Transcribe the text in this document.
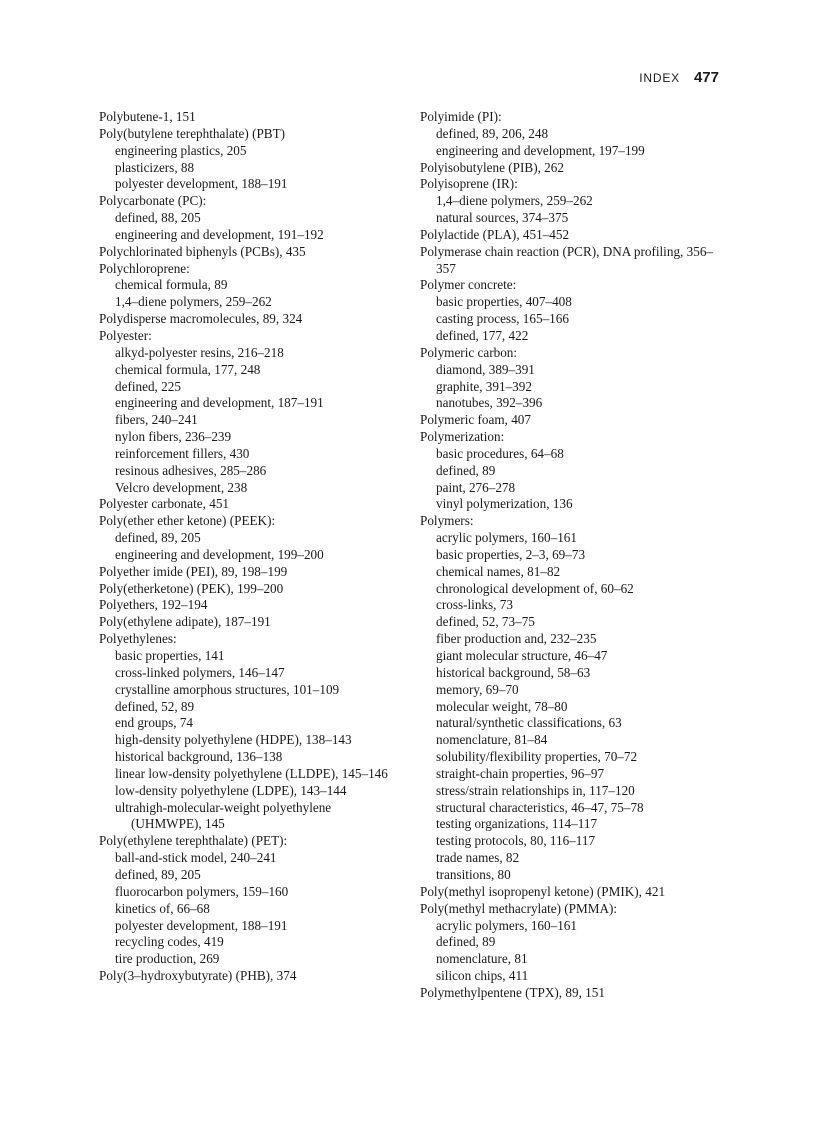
INDEX 477
Polybutene-1, 151
Poly(butylene terephthalate) (PBT)
engineering plastics, 205
plasticizers, 88
polyester development, 188–191
Polycarbonate (PC):
defined, 88, 205
engineering and development, 191–192
Polychlorinated biphenyls (PCBs), 435
Polychloroprene:
chemical formula, 89
1,4–diene polymers, 259–262
Polydisperse macromolecules, 89, 324
Polyester:
alkyd-polyester resins, 216–218
chemical formula, 177, 248
defined, 225
engineering and development, 187–191
fibers, 240–241
nylon fibers, 236–239
reinforcement fillers, 430
resinous adhesives, 285–286
Velcro development, 238
Polyester carbonate, 451
Poly(ether ether ketone) (PEEK):
defined, 89, 205
engineering and development, 199–200
Polyether imide (PEI), 89, 198–199
Poly(etherketone) (PEK), 199–200
Polyethers, 192–194
Poly(ethylene adipate), 187–191
Polyethylenes:
basic properties, 141
cross-linked polymers, 146–147
crystalline amorphous structures, 101–109
defined, 52, 89
end groups, 74
high-density polyethylene (HDPE), 138–143
historical background, 136–138
linear low-density polyethylene (LLDPE), 145–146
low-density polyethylene (LDPE), 143–144
ultrahigh-molecular-weight polyethylene (UHMWPE), 145
Poly(ethylene terephthalate) (PET):
ball-and-stick model, 240–241
defined, 89, 205
fluorocarbon polymers, 159–160
kinetics of, 66–68
polyester development, 188–191
recycling codes, 419
tire production, 269
Poly(3–hydroxybutyrate) (PHB), 374
Polyimide (PI):
defined, 89, 206, 248
engineering and development, 197–199
Polyisobutylene (PIB), 262
Polyisoprene (IR):
1,4–diene polymers, 259–262
natural sources, 374–375
Polylactide (PLA), 451–452
Polymerase chain reaction (PCR), DNA profiling, 356–357
Polymer concrete:
basic properties, 407–408
casting process, 165–166
defined, 177, 422
Polymeric carbon:
diamond, 389–391
graphite, 391–392
nanotubes, 392–396
Polymeric foam, 407
Polymerization:
basic procedures, 64–68
defined, 89
paint, 276–278
vinyl polymerization, 136
Polymers:
acrylic polymers, 160–161
basic properties, 2–3, 69–73
chemical names, 81–82
chronological development of, 60–62
cross-links, 73
defined, 52, 73–75
fiber production and, 232–235
giant molecular structure, 46–47
historical background, 58–63
memory, 69–70
molecular weight, 78–80
natural/synthetic classifications, 63
nomenclature, 81–84
solubility/flexibility properties, 70–72
straight-chain properties, 96–97
stress/strain relationships in, 117–120
structural characteristics, 46–47, 75–78
testing organizations, 114–117
testing protocols, 80, 116–117
trade names, 82
transitions, 80
Poly(methyl isopropenyl ketone) (PMIK), 421
Poly(methyl methacrylate) (PMMA):
acrylic polymers, 160–161
defined, 89
nomenclature, 81
silicon chips, 411
Polymethylpentene (TPX), 89, 151
